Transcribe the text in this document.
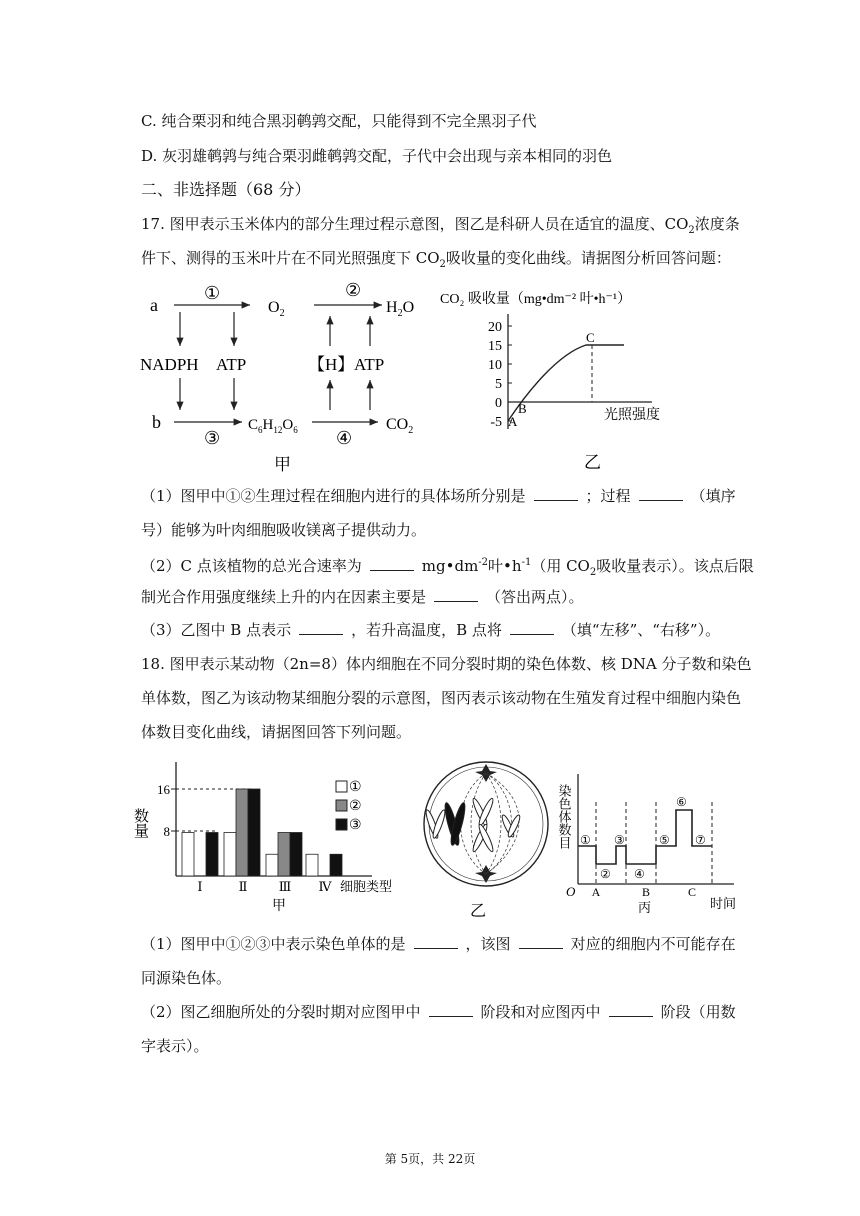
C. 纯合栗羽和纯合黑羽鹌鹑交配，只能得到不完全黑羽子代
D. 灰羽雄鹌鹑与纯合栗羽雌鹌鹑交配，子代中会出现与亲本相同的羽色
二、非选择题（68 分）
17. 图甲表示玉米体内的部分生理过程示意图，图乙是科研人员在适宜的温度、$CO_2$浓度条
件下、测得的玉米叶片在不同光照强度下 $CO_2$吸收量的变化曲线。请据图分析回答问题：
a
①
$O_2$
②
$H_2O$
NADPH ATP	【H】 ATP
b
③
$C_6H_{12}O_6$ ④
$CO_2$
甲
CO₂ 吸收量（mg•dm⁻² 叶•h⁻¹）
20
15
10
5
0
-5 A
B
C
光照强度
乙
（1）图甲中①②生理过程在细胞内进行的具体场所分别是	；过程	（填序
号）能够为叶肉细胞吸收镁离子提供动力。
（2）C 点该植物的总光合速率为	$mg•dm^{-2}$叶$•h^{-1}$（用 $CO_2$吸收量表示）。该点后限
制光合作用强度继续上升的内在因素主要是	（答出两点）。
（3）乙图中 B 点表示	，若升高温度，B 点将	（填“左移”、“右移”）。
18. 图甲表示某动物（2n=8）体内细胞在不同分裂时期的染色体数、核 DNA 分子数和染色
单体数，图乙为该动物某细胞分裂的示意图，图丙表示该动物在生殖发育过程中细胞内染色
体数目变化曲线，请据图回答下列问题。
数量
16
8
Ⅰ	Ⅱ Ⅲ Ⅳ 细胞类型
甲
①
②
③
乙
染色体数目 ①
②
③
④
⑤
⑥
⑦
O A	B	C
丙	时间
（1）图甲中①②③中表示染色单体的是	，该图	对应的细胞内不可能存在
同源染色体。
（2）图乙细胞所处的分裂时期对应图甲中	阶段和对应图丙中	阶段（用数
字表示）。
第 5页，共 22页
